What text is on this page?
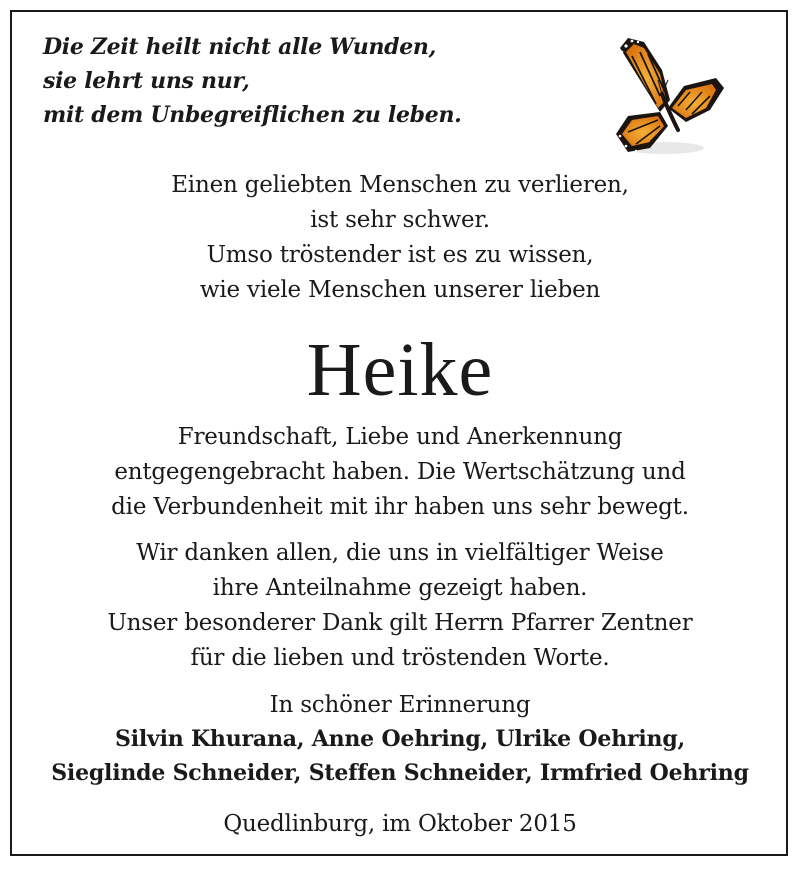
Die Zeit heilt nicht alle Wunden,
sie lehrt uns nur,
mit dem Unbegreiflichen zu leben.
Einen geliebten Menschen zu verlieren,
ist sehr schwer.
Umso tröstender ist es zu wissen,
wie viele Menschen unserer lieben
Heike
Freundschaft, Liebe und Anerkennung
entgegengebracht haben. Die Wertschätzung und
die Verbundenheit mit ihr haben uns sehr bewegt.
Wir danken allen, die uns in vielfältiger Weise
ihre Anteilnahme gezeigt haben.
Unser besonderer Dank gilt Herrn Pfarrer Zentner
für die lieben und tröstenden Worte.
In schöner Erinnerung
Silvin Khurana, Anne Oehring, Ulrike Oehring,
Sieglinde Schneider, Steffen Schneider, Irmfried Oehring
Quedlinburg, im Oktober 2015
